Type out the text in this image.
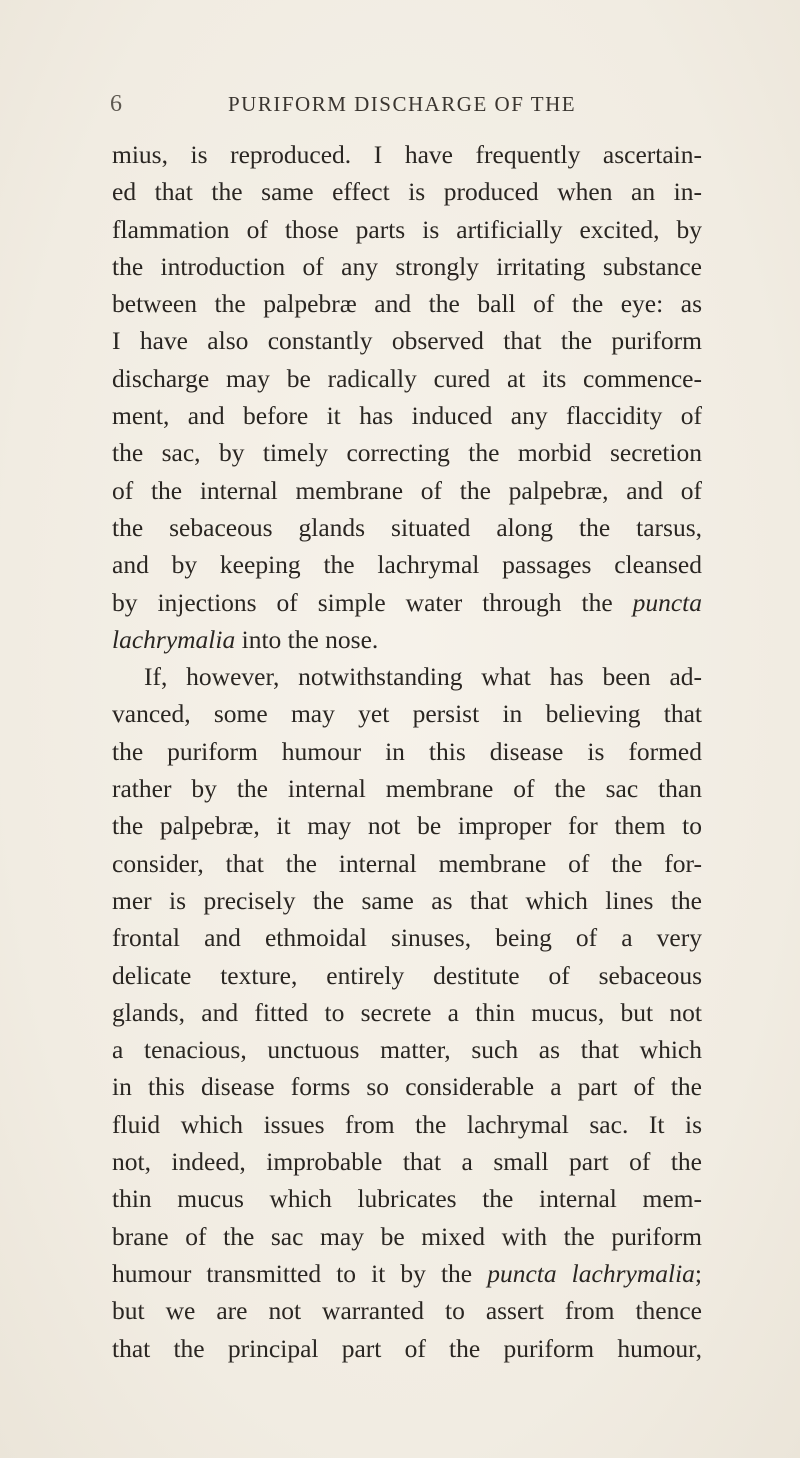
6	PURIFORM DISCHARGE OF THE
mius, is reproduced. I have frequently ascertain-
ed that the same effect is produced when an in-
flammation of those parts is artificially excited, by
the introduction of any strongly irritating substance
between the palpebræ and the ball of the eye: as
I have also constantly observed that the puriform
discharge may be radically cured at its commence-
ment, and before it has induced any flaccidity of
the sac, by timely correcting the morbid secretion
of the internal membrane of the palpebræ, and of
the sebaceous glands situated along the tarsus,
and by keeping the lachrymal passages cleansed
by injections of simple water through the puncta
lachrymalia into the nose.
If, however, notwithstanding what has been ad-
vanced, some may yet persist in believing that
the puriform humour in this disease is formed
rather by the internal membrane of the sac than
the palpebræ, it may not be improper for them to
consider, that the internal membrane of the for-
mer is precisely the same as that which lines the
frontal and ethmoidal sinuses, being of a very
delicate texture, entirely destitute of sebaceous
glands, and fitted to secrete a thin mucus, but not
a tenacious, unctuous matter, such as that which
in this disease forms so considerable a part of the
fluid which issues from the lachrymal sac. It is
not, indeed, improbable that a small part of the
thin mucus which lubricates the internal mem-
brane of the sac may be mixed with the puriform
humour transmitted to it by the puncta lachrymalia;
but we are not warranted to assert from thence
that the principal part of the puriform humour,
